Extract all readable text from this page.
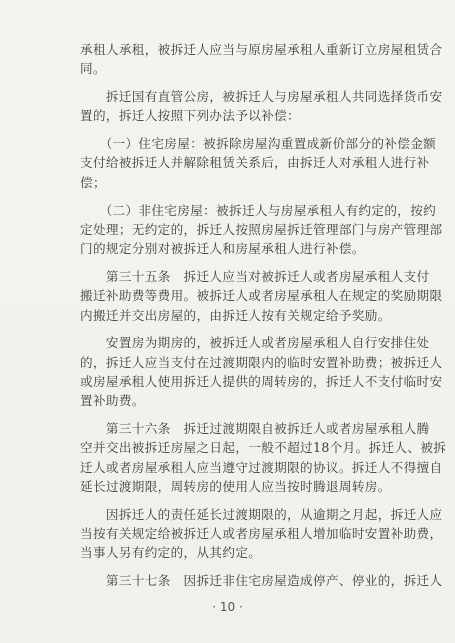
承租人承租，被拆迁人应当与原房屋承租人重新订立房屋租赁合
同。
　　拆迁国有直管公房，被拆迁人与房屋承租人共同选择货币安
置的，拆迁人按照下列办法予以补偿：
　　（一）住宅房屋：被拆除房屋沟重置成新价部分的补偿金额
支付给被拆迁人并解除租赁关系后，由拆迁人对承租人进行补
偿；
　　（二）非住宅房屋：被拆迁人与房屋承租人有约定的，按约
定处理；无约定的，拆迁人按照房屋拆迁管理部门与房产管理部
门的规定分别对被拆迁人和房屋承租人进行补偿。
　　第三十五条　拆迁人应当对被拆迁人或者房屋承租人支付
搬迁补助费等费用。被拆迁人或者房屋承租人在规定的奖励期限
内搬迁并交出房屋的，由拆迁人按有关规定给予奖励。
　　安置房为期房的，被拆迁人或者房屋承租人自行安排住处
的，拆迁人应当支付在过渡期限内的临时安置补助费；被拆迁人
或房屋承租人使用拆迁人提供的周转房的，拆迁人不支付临时安
置补助费。
　　第三十六条　拆迁过渡期限自被拆迁人或者房屋承租人腾
空并交出被拆迁房屋之日起，一般不超过18个月。拆迁人、被拆
迁人或者房屋承租人应当遵守过渡期限的协议。拆迁人不得擅自
延长过渡期限，周转房的使用人应当按时腾退周转房。
　　因拆迁人的责任延长过渡期限的，从逾期之月起，拆迁人应
当按有关规定给被拆迁人或者房屋承租人增加临时安置补助费，
当事人另有约定的，从其约定。
　　第三十七条　因拆迁非住宅房屋造成停产、停业的，拆迁人
· 10 ·
